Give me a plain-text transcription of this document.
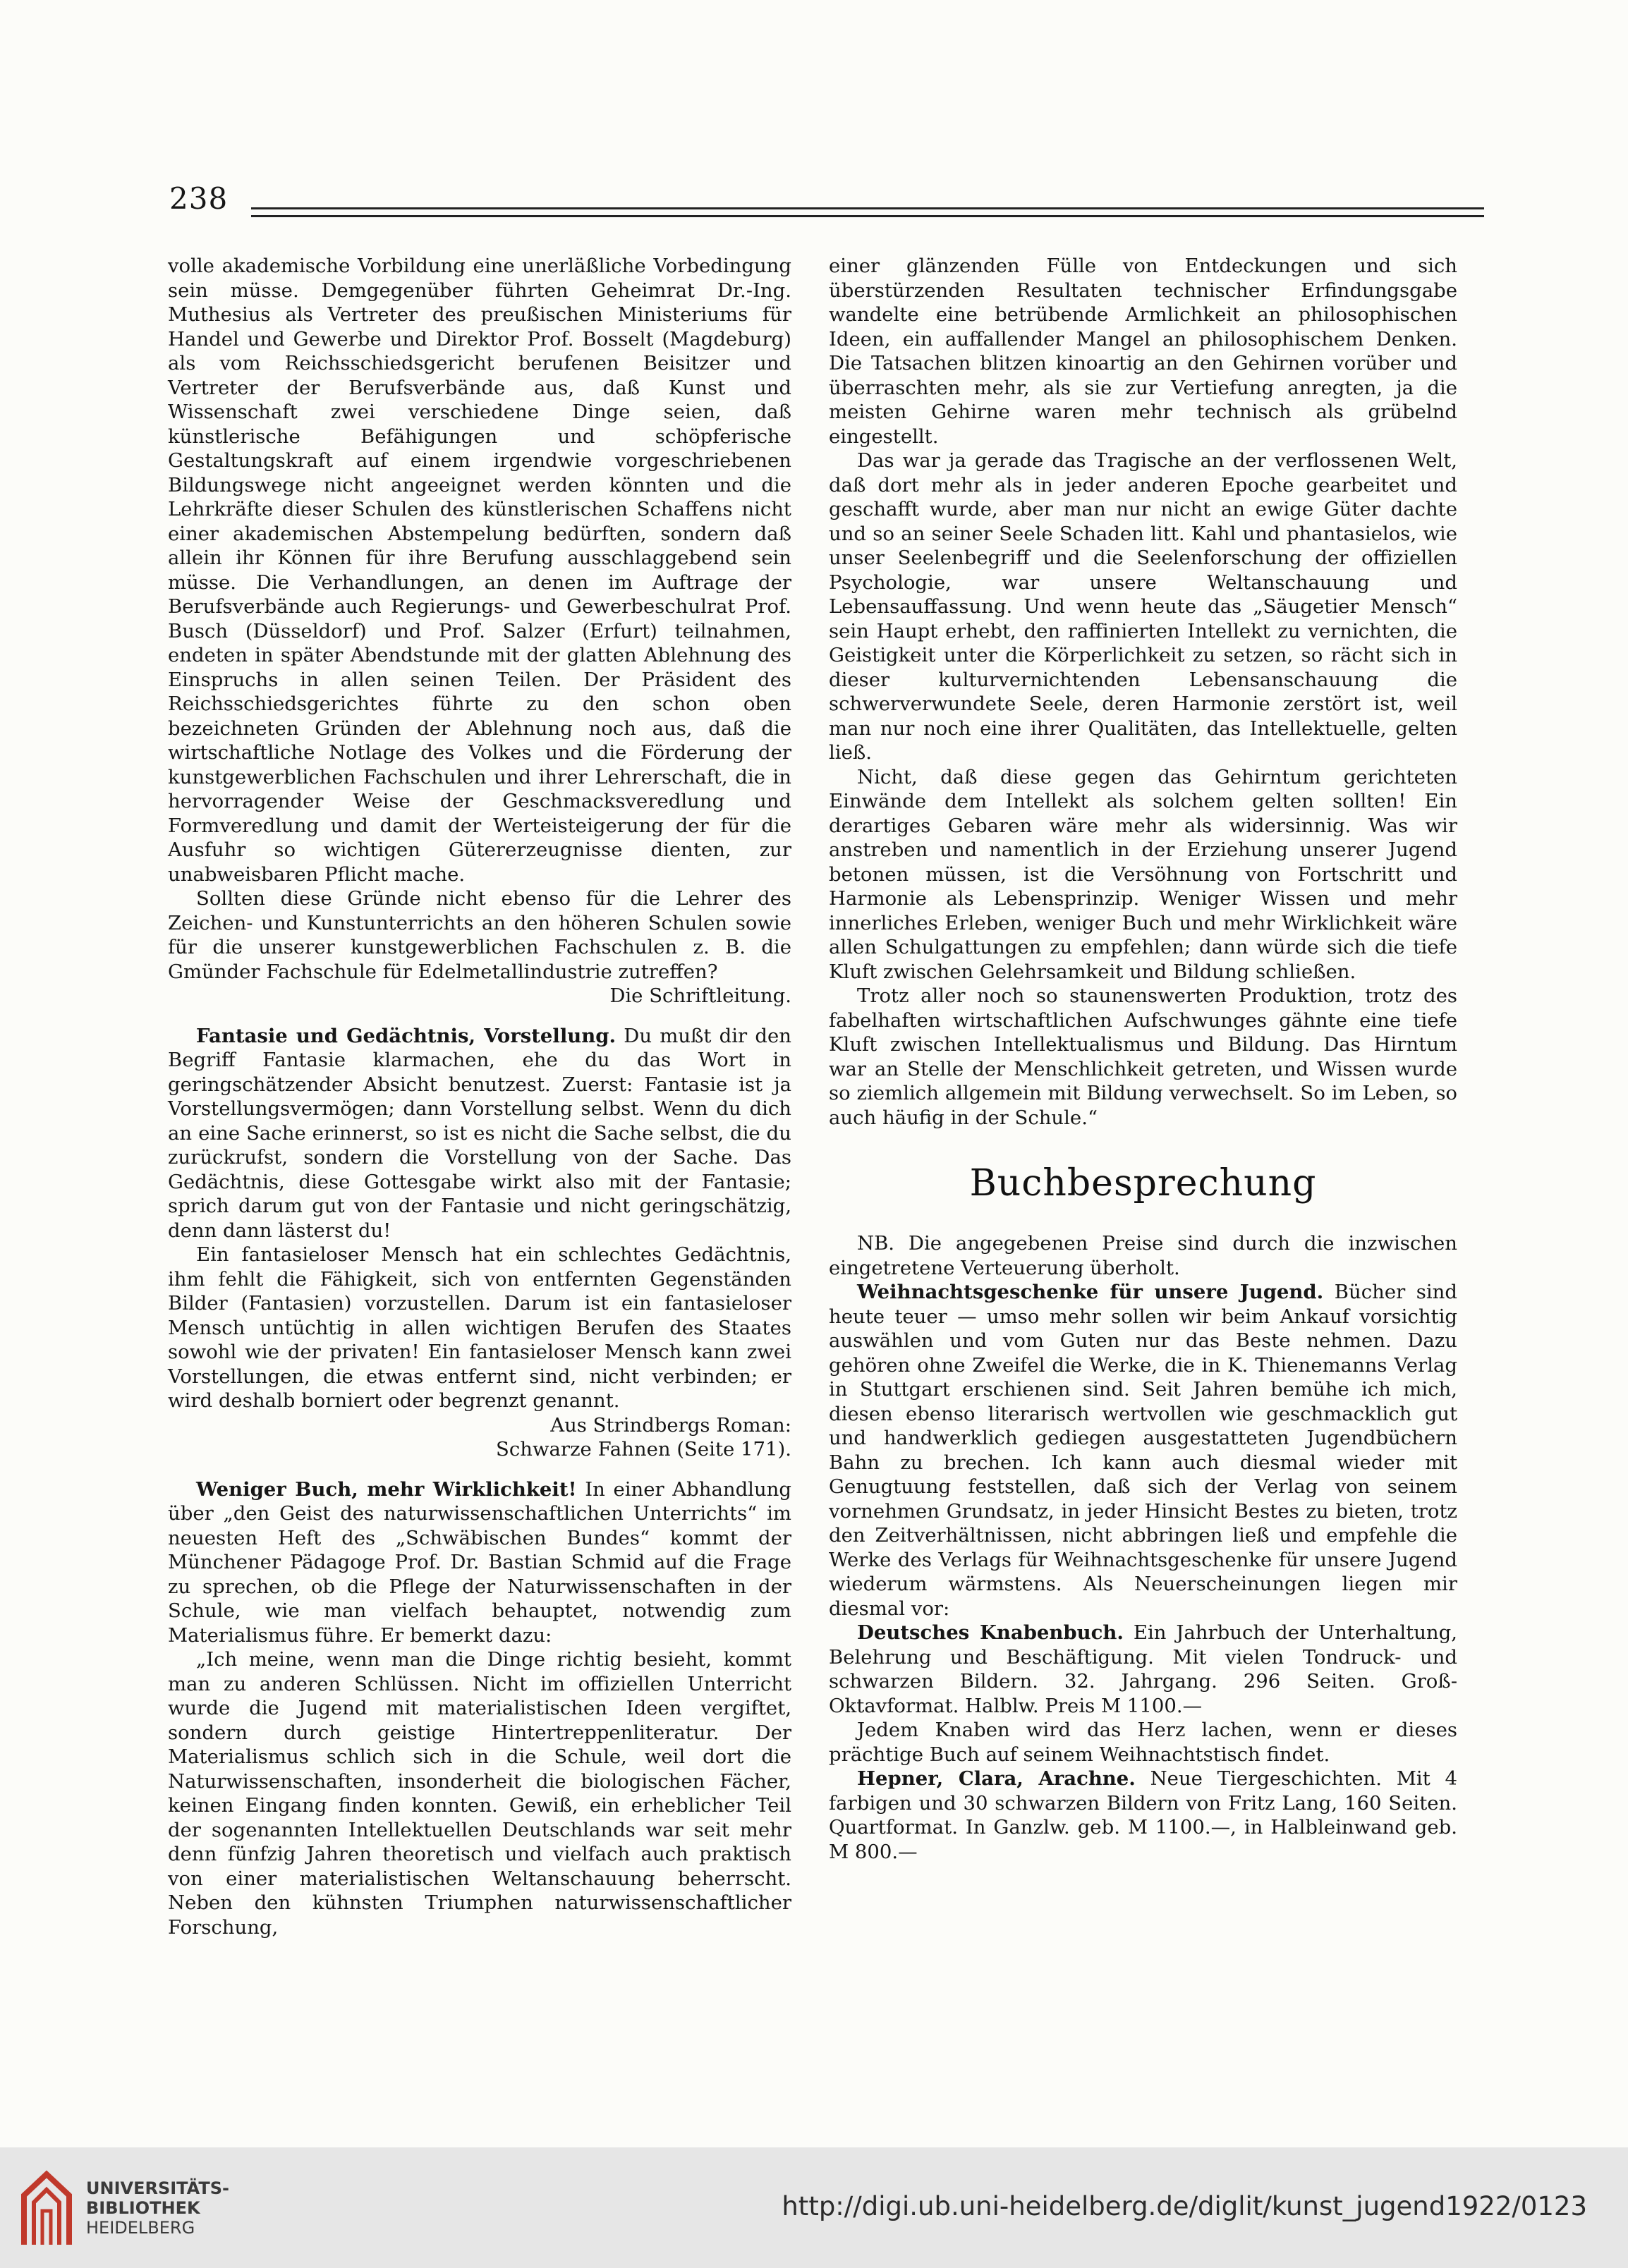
238

volle akademische Vorbildung eine unerläßliche Vorbedingung sein müsse. Demgegenüber führten Geheimrat Dr.-Ing. Muthesius als Vertreter des preußischen Ministeriums für Handel und Gewerbe und Direktor Prof. Bosselt (Magdeburg) als vom Reichsschiedsgericht berufenen Beisitzer und Vertreter der Berufsverbände aus, daß Kunst und Wissenschaft zwei verschiedene Dinge seien, daß künstlerische Befähigungen und schöpferische Gestaltungskraft auf einem irgendwie vorgeschriebenen Bildungswege nicht angeeignet werden könnten und die Lehrkräfte dieser Schulen des künstlerischen Schaffens nicht einer akademischen Abstempelung bedürften, sondern daß allein ihr Können für ihre Berufung ausschlaggebend sein müsse. Die Verhandlungen, an denen im Auftrage der Berufsverbände auch Regierungs- und Gewerbeschulrat Prof. Busch (Düsseldorf) und Prof. Salzer (Erfurt) teilnahmen, endeten in später Abendstunde mit der glatten Ablehnung des Einspruchs in allen seinen Teilen. Der Präsident des Reichsschiedsgerichtes führte zu den schon oben bezeichneten Gründen der Ablehnung noch aus, daß die wirtschaftliche Notlage des Volkes und die Förderung der kunstgewerblichen Fachschulen und ihrer Lehrerschaft, die in hervorragender Weise der Geschmacksveredlung und Formveredlung und damit der Werteisteigerung der für die Ausfuhr so wichtigen Gütererzeugnisse dienten, zur unabweisbaren Pflicht mache.

Sollten diese Gründe nicht ebenso für die Lehrer des Zeichen- und Kunstunterrichts an den höheren Schulen sowie für die unserer kunstgewerblichen Fachschulen z. B. die Gmünder Fachschule für Edelmetallindustrie zutreffen?

Die Schriftleitung.

Fantasie und Gedächtnis, Vorstellung. Du mußt dir den Begriff Fantasie klarmachen, ehe du das Wort in geringschätzender Absicht benutzest. Zuerst: Fantasie ist ja Vorstellungsvermögen; dann Vorstellung selbst. Wenn du dich an eine Sache erinnerst, so ist es nicht die Sache selbst, die du zurückrufst, sondern die Vorstellung von der Sache. Das Gedächtnis, diese Gottesgabe wirkt also mit der Fantasie; sprich darum gut von der Fantasie und nicht geringschätzig, denn dann lästerst du!

Ein fantasieloser Mensch hat ein schlechtes Gedächtnis, ihm fehlt die Fähigkeit, sich von entfernten Gegenständen Bilder (Fantasien) vorzustellen. Darum ist ein fantasieloser Mensch untüchtig in allen wichtigen Berufen des Staates sowohl wie der privaten! Ein fantasieloser Mensch kann zwei Vorstellungen, die etwas entfernt sind, nicht verbinden; er wird deshalb borniert oder begrenzt genannt.

Aus Strindbergs Roman:

Schwarze Fahnen (Seite 171).

Weniger Buch, mehr Wirklichkeit! In einer Abhandlung über „den Geist des naturwissenschaftlichen Unterrichts“ im neuesten Heft des „Schwäbischen Bundes“ kommt der Münchener Pädagoge Prof. Dr. Bastian Schmid auf die Frage zu sprechen, ob die Pflege der Naturwissenschaften in der Schule, wie man vielfach behauptet, notwendig zum Materialismus führe. Er bemerkt dazu:

„Ich meine, wenn man die Dinge richtig besieht, kommt man zu anderen Schlüssen. Nicht im offiziellen Unterricht wurde die Jugend mit materialistischen Ideen vergiftet, sondern durch geistige Hintertreppenliteratur. Der Materialismus schlich sich in die Schule, weil dort die Naturwissenschaften, insonderheit die biologischen Fächer, keinen Eingang finden konnten. Gewiß, ein erheblicher Teil der sogenannten Intellektuellen Deutschlands war seit mehr denn fünfzig Jahren theoretisch und vielfach auch praktisch von einer materialistischen Weltanschauung beherrscht. Neben den kühnsten Triumphen naturwissenschaftlicher Forschung,

einer glänzenden Fülle von Entdeckungen und sich überstürzenden Resultaten technischer Erfindungsgabe wandelte eine betrübende Armlichkeit an philosophischen Ideen, ein auffallender Mangel an philosophischem Denken. Die Tatsachen blitzen kinoartig an den Gehirnen vorüber und überraschten mehr, als sie zur Vertiefung anregten, ja die meisten Gehirne waren mehr technisch als grübelnd eingestellt.

Das war ja gerade das Tragische an der verflossenen Welt, daß dort mehr als in jeder anderen Epoche gearbeitet und geschafft wurde, aber man nur nicht an ewige Güter dachte und so an seiner Seele Schaden litt. Kahl und phantasielos, wie unser Seelenbegriff und die Seelenforschung der offiziellen Psychologie, war unsere Weltanschauung und Lebensauffassung. Und wenn heute das „Säugetier Mensch“ sein Haupt erhebt, den raffinierten Intellekt zu vernichten, die Geistigkeit unter die Körperlichkeit zu setzen, so rächt sich in dieser kulturvernichtenden Lebensanschauung die schwerverwundete Seele, deren Harmonie zerstört ist, weil man nur noch eine ihrer Qualitäten, das Intellektuelle, gelten ließ.

Nicht, daß diese gegen das Gehirntum gerichteten Einwände dem Intellekt als solchem gelten sollten! Ein derartiges Gebaren wäre mehr als widersinnig. Was wir anstreben und namentlich in der Erziehung unserer Jugend betonen müssen, ist die Versöhnung von Fortschritt und Harmonie als Lebensprinzip. Weniger Wissen und mehr innerliches Erleben, weniger Buch und mehr Wirklichkeit wäre allen Schulgattungen zu empfehlen; dann würde sich die tiefe Kluft zwischen Gelehrsamkeit und Bildung schließen.

Trotz aller noch so staunenswerten Produktion, trotz des fabelhaften wirtschaftlichen Aufschwunges gähnte eine tiefe Kluft zwischen Intellektualismus und Bildung. Das Hirntum war an Stelle der Menschlichkeit getreten, und Wissen wurde so ziemlich allgemein mit Bildung verwechselt. So im Leben, so auch häufig in der Schule.“

Buchbesprechung

NB. Die angegebenen Preise sind durch die inzwischen eingetretene Verteuerung überholt.

Weihnachtsgeschenke für unsere Jugend. Bücher sind heute teuer — umso mehr sollen wir beim Ankauf vorsichtig auswählen und vom Guten nur das Beste nehmen. Dazu gehören ohne Zweifel die Werke, die in K. Thienemanns Verlag in Stuttgart erschienen sind. Seit Jahren bemühe ich mich, diesen ebenso literarisch wertvollen wie geschmacklich gut und handwerklich gediegen ausgestatteten Jugendbüchern Bahn zu brechen. Ich kann auch diesmal wieder mit Genugtuung feststellen, daß sich der Verlag von seinem vornehmen Grundsatz, in jeder Hinsicht Bestes zu bieten, trotz den Zeitverhältnissen, nicht abbringen ließ und empfehle die Werke des Verlags für Weihnachtsgeschenke für unsere Jugend wiederum wärmstens. Als Neuerscheinungen liegen mir diesmal vor:

Deutsches Knabenbuch. Ein Jahrbuch der Unterhaltung, Belehrung und Beschäftigung. Mit vielen Tondruck- und schwarzen Bildern. 32. Jahrgang. 296 Seiten. Groß-Oktavformat. Halblw. Preis M 1100.—

Jedem Knaben wird das Herz lachen, wenn er dieses prächtige Buch auf seinem Weihnachtstisch findet.

Hepner, Clara, Arachne. Neue Tiergeschichten. Mit 4 farbigen und 30 schwarzen Bildern von Fritz Lang, 160 Seiten. Quartformat. In Ganzlw. geb. M 1100.—, in Halbleinwand geb. M 800.—

UNIVERSITÄTS-
BIBLIOTHEK
HEIDELBERG
http://digi.ub.uni-heidelberg.de/diglit/kunst_jugend1922/0123
